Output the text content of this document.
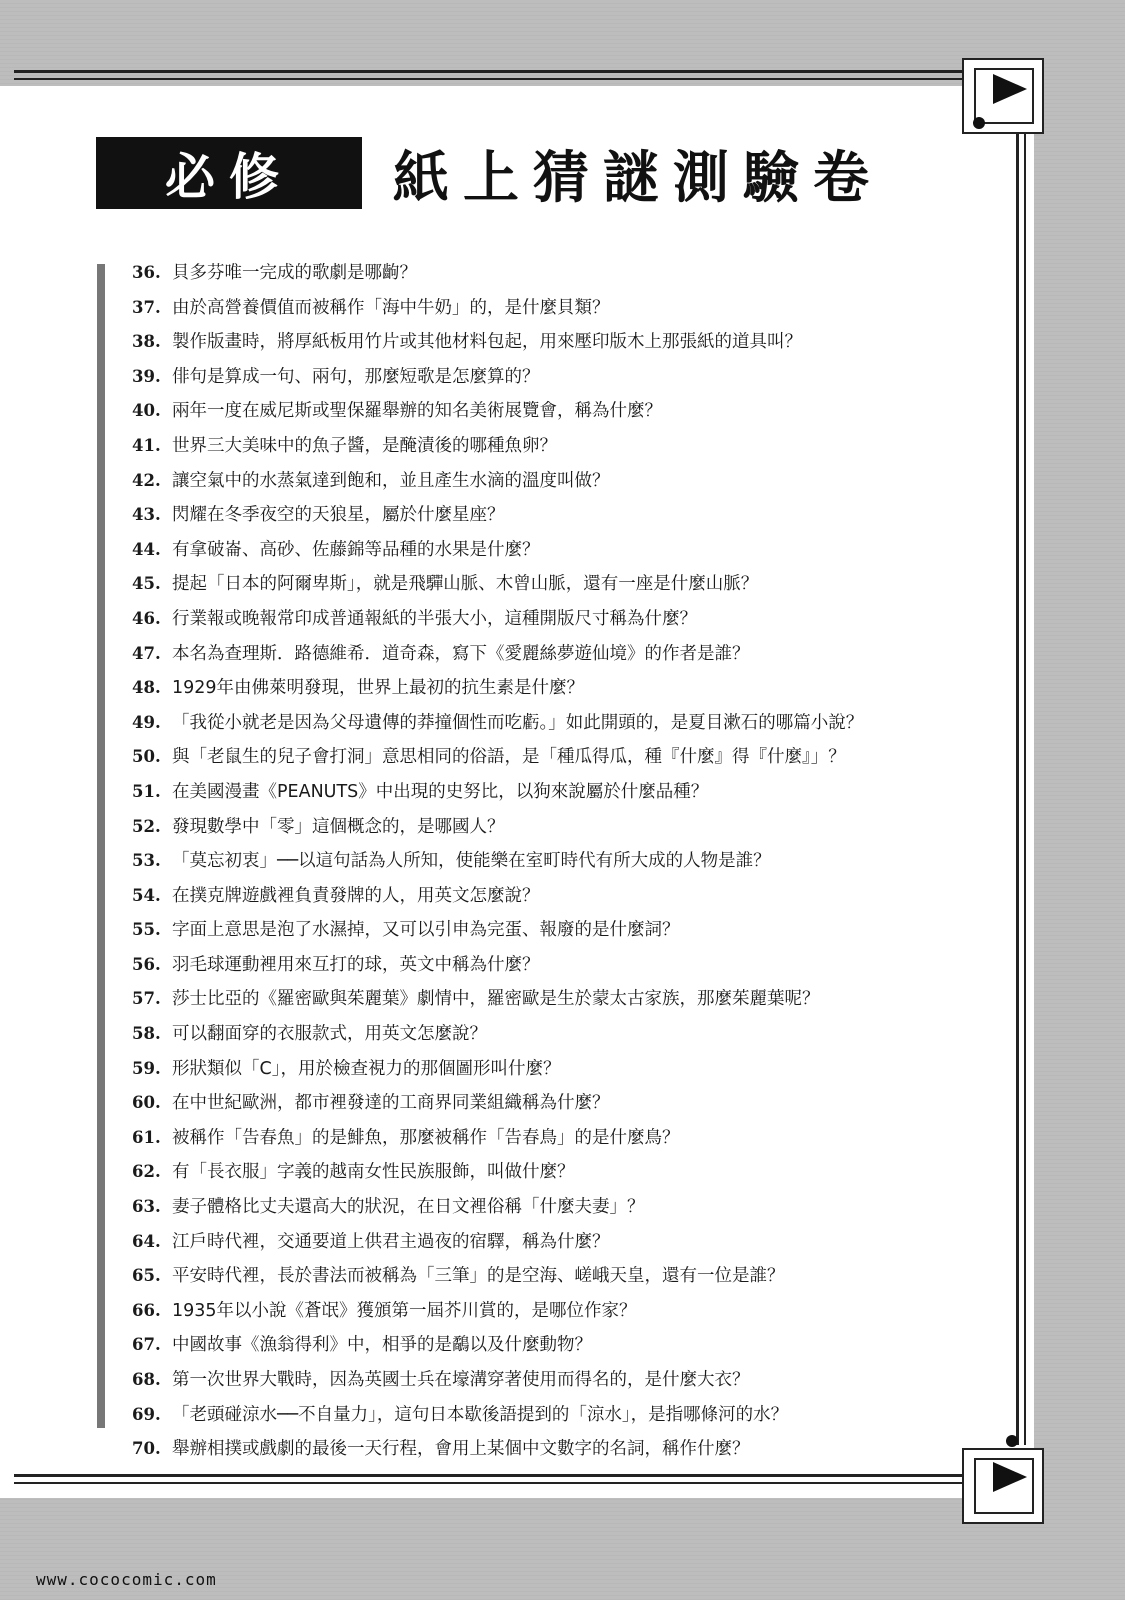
必修 紙上猜謎測驗卷
36. 貝多芬唯一完成的歌劇是哪齣？
37. 由於高營養價值而被稱作「海中牛奶」的，是什麼貝類？
38. 製作版畫時，將厚紙板用竹片或其他材料包起，用來壓印版木上那張紙的道具叫？
39. 俳句是算成一句、兩句，那麼短歌是怎麼算的？
40. 兩年一度在威尼斯或聖保羅舉辦的知名美術展覽會，稱為什麼？
41. 世界三大美味中的魚子醬，是醃漬後的哪種魚卵？
42. 讓空氣中的水蒸氣達到飽和，並且產生水滴的溫度叫做？
43. 閃耀在冬季夜空的天狼星，屬於什麼星座？
44. 有拿破崙、高砂、佐藤錦等品種的水果是什麼？
45. 提起「日本的阿爾卑斯」，就是飛驒山脈、木曾山脈，還有一座是什麼山脈？
46. 行業報或晚報常印成普通報紙的半張大小，這種開版尺寸稱為什麼？
47. 本名為查理斯．路德維希．道奇森，寫下《愛麗絲夢遊仙境》的作者是誰？
48. 1929年由佛萊明發現，世界上最初的抗生素是什麼？
49. 「我從小就老是因為父母遺傳的莽撞個性而吃虧。」如此開頭的，是夏目漱石的哪篇小說？
50. 與「老鼠生的兒子會打洞」意思相同的俗語，是「種瓜得瓜，種『什麼』得『什麼』」？
51. 在美國漫畫《PEANUTS》中出現的史努比，以狗來說屬於什麼品種？
52. 發現數學中「零」這個概念的，是哪國人？
53. 「莫忘初衷」──以這句話為人所知，使能樂在室町時代有所大成的人物是誰？
54. 在撲克牌遊戲裡負責發牌的人，用英文怎麼說？
55. 字面上意思是泡了水濕掉，又可以引申為完蛋、報廢的是什麼詞？
56. 羽毛球運動裡用來互打的球，英文中稱為什麼？
57. 莎士比亞的《羅密歐與茱麗葉》劇情中，羅密歐是生於蒙太古家族，那麼茱麗葉呢？
58. 可以翻面穿的衣服款式，用英文怎麼說？
59. 形狀類似「C」，用於檢查視力的那個圖形叫什麼？
60. 在中世紀歐洲，都市裡發達的工商界同業組織稱為什麼？
61. 被稱作「告春魚」的是鯡魚，那麼被稱作「告春鳥」的是什麼鳥？
62. 有「長衣服」字義的越南女性民族服飾，叫做什麼？
63. 妻子體格比丈夫還高大的狀況，在日文裡俗稱「什麼夫妻」？
64. 江戶時代裡，交通要道上供君主過夜的宿驛，稱為什麼？
65. 平安時代裡，長於書法而被稱為「三筆」的是空海、嵯峨天皇，還有一位是誰？
66. 1935年以小說《蒼氓》獲頒第一屆芥川賞的，是哪位作家？
67. 中國故事《漁翁得利》中，相爭的是鷸以及什麼動物？
68. 第一次世界大戰時，因為英國士兵在壕溝穿著使用而得名的，是什麼大衣？
69. 「老頭碰涼水──不自量力」，這句日本歇後語提到的「涼水」，是指哪條河的水？
70. 舉辦相撲或戲劇的最後一天行程，會用上某個中文數字的名詞，稱作什麼？
www.cococomic.com
